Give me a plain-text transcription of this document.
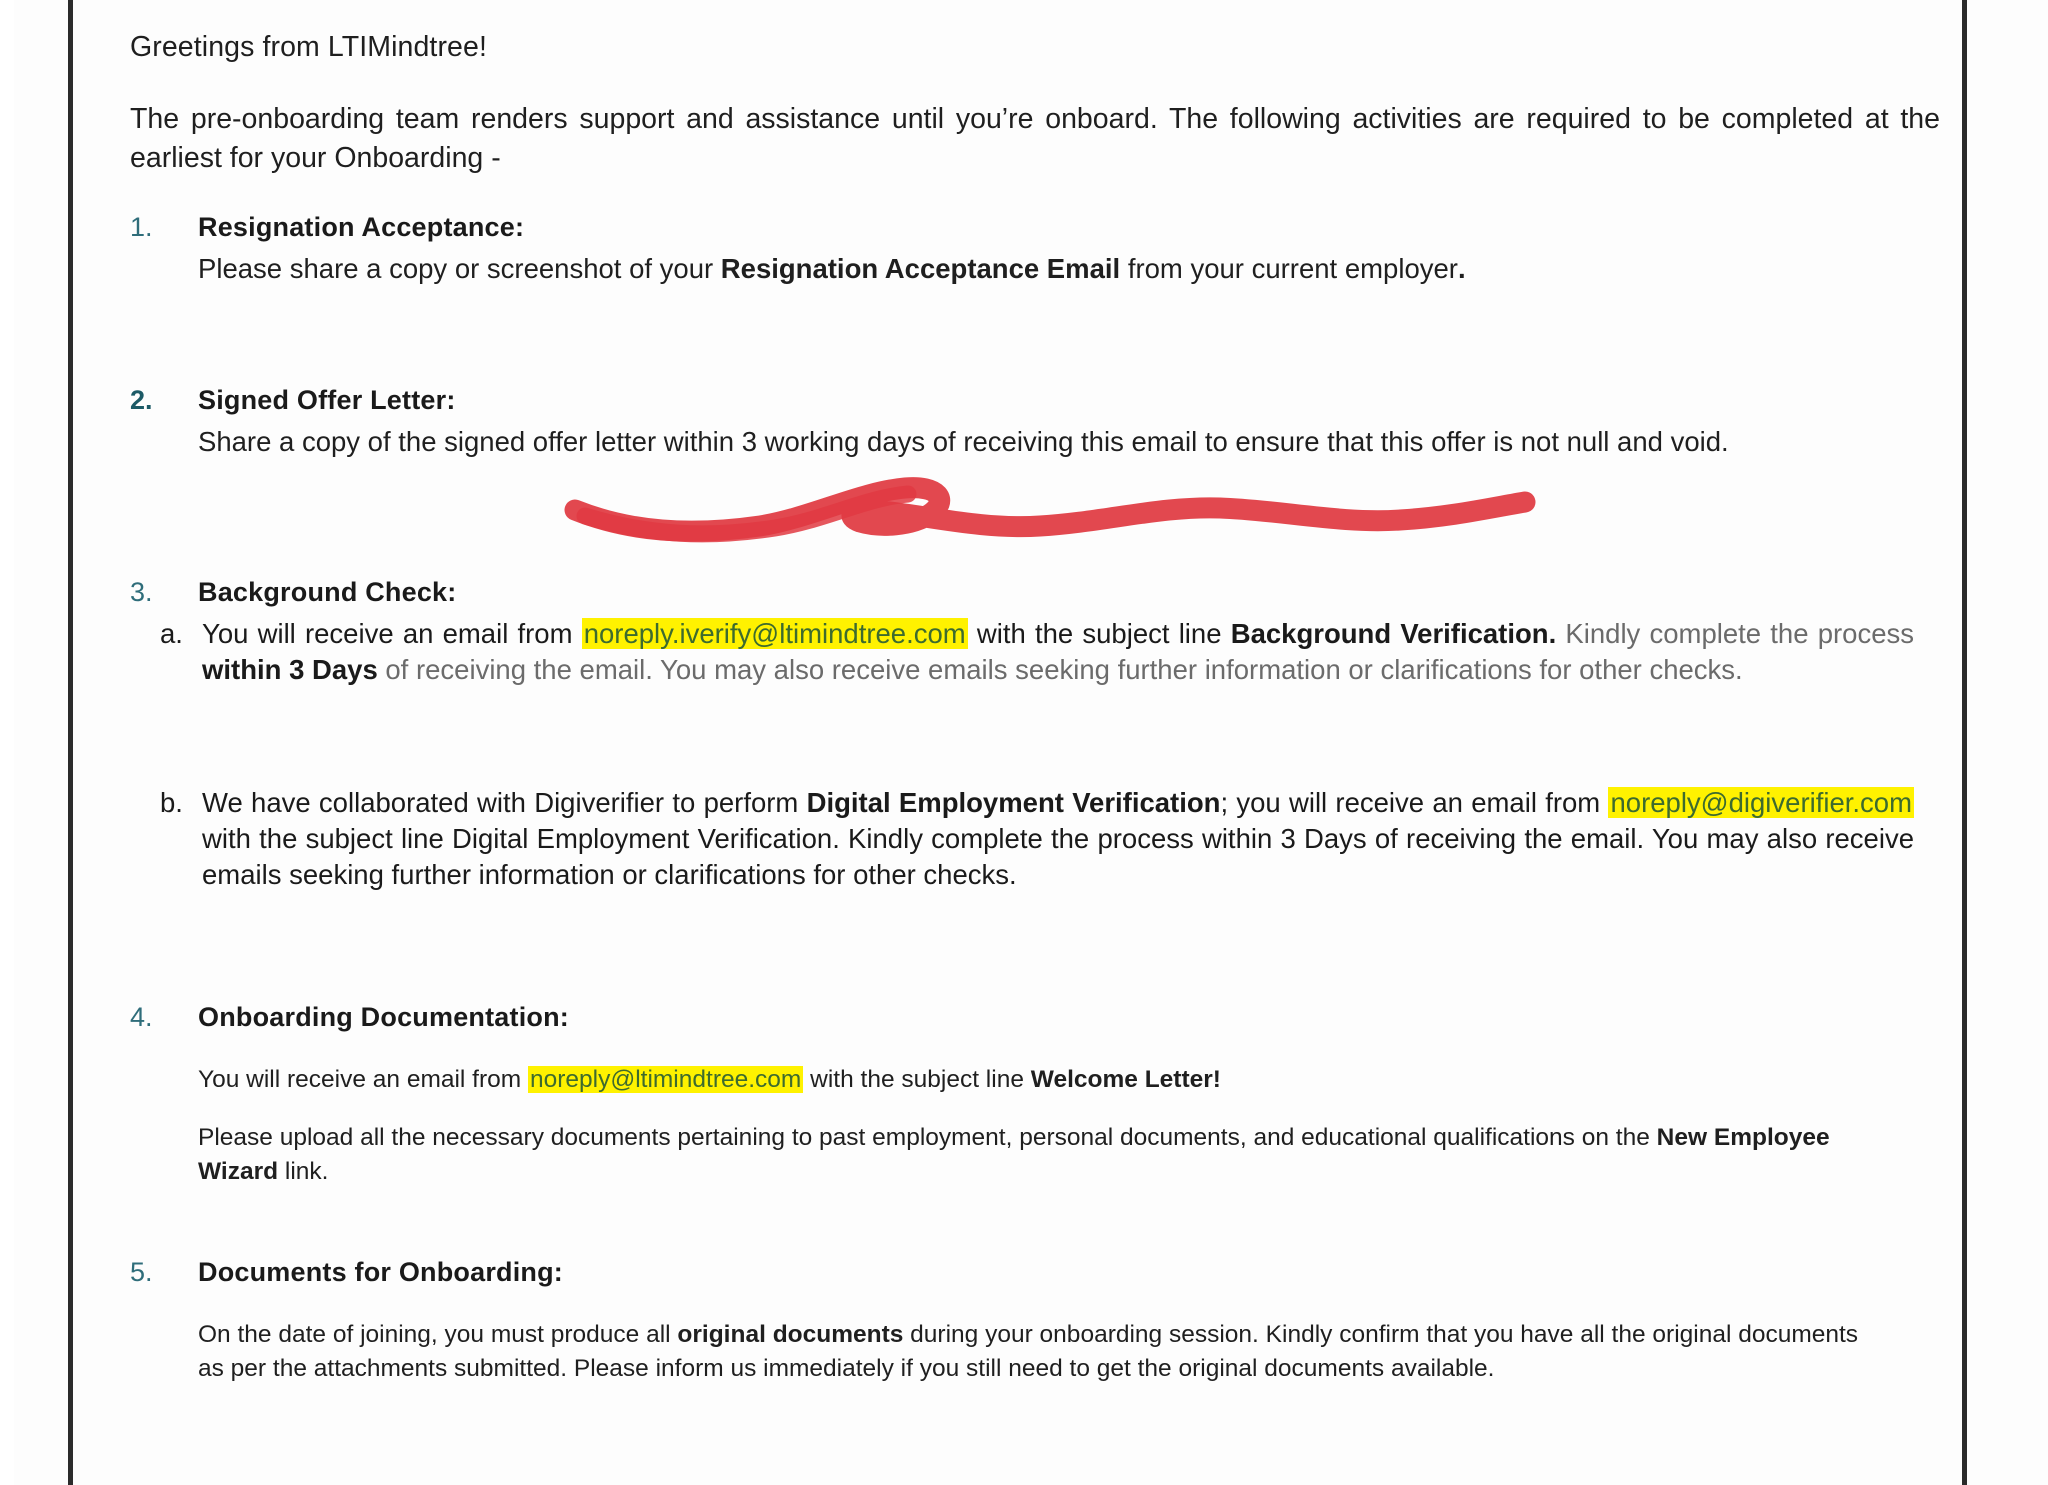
Greetings from LTIMindtree!
The pre-onboarding team renders support and assistance until you’re onboard. The following activities are required to be completed at the earliest for your Onboarding -
1. Resignation Acceptance:
Please share a copy or screenshot of your Resignation Acceptance Email from your current employer.
2. Signed Offer Letter:
Share a copy of the signed offer letter within 3 working days of receiving this email to ensure that this offer is not null and void.
3. Background Check:
a. You will receive an email from noreply.iverify@ltimindtree.com with the subject line Background Verification. Kindly complete the process within 3 Days of receiving the email. You may also receive emails seeking further information or clarifications for other checks.
b. We have collaborated with Digiverifier to perform Digital Employment Verification; you will receive an email from noreply@digiverifier.com with the subject line Digital Employment Verification. Kindly complete the process within 3 Days of receiving the email. You may also receive emails seeking further information or clarifications for other checks.
4. Onboarding Documentation:
You will receive an email from noreply@ltimindtree.com with the subject line Welcome Letter!
Please upload all the necessary documents pertaining to past employment, personal documents, and educational qualifications on the New Employee Wizard link.
5. Documents for Onboarding:
On the date of joining, you must produce all original documents during your onboarding session. Kindly confirm that you have all the original documents as per the attachments submitted. Please inform us immediately if you still need to get the original documents available.
